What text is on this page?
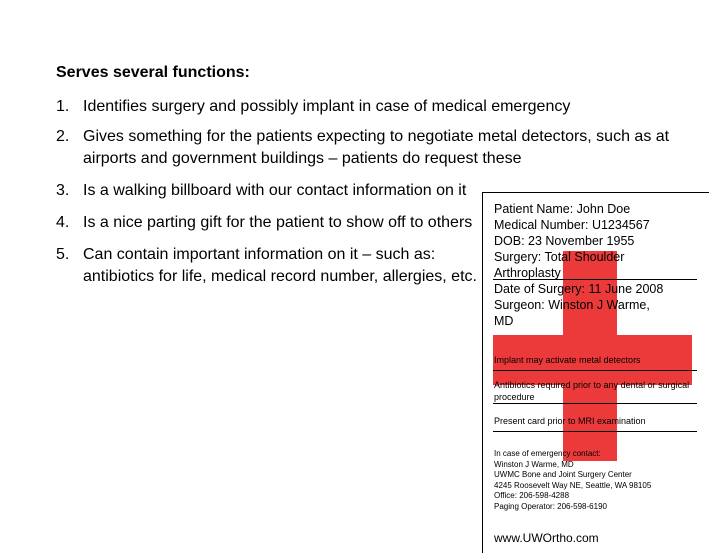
Serves several functions:
1. Identifies surgery and possibly implant in case of medical emergency
2. Gives something for the patients expecting to negotiate metal detectors, such as at airports and government buildings – patients do request these
3. Is a walking billboard with our contact information on it
4. Is a nice parting gift for the patient to show off to others
5. Can contain important information on it – such as: antibiotics for life, medical record number, allergies, etc.
Patient Name: John Doe
Medical Number: U1234567
DOB: 23 November 1955
Surgery: Total Shoulder
Arthroplasty
Date of Surgery: 11 June 2008
Surgeon: Winston J Warme,
MD
Implant may activate metal detectors
Antibiotics required prior to any dental or surgical procedure
Present card prior to MRI examination
In case of emergency contact:
Winston J Warme, MD
UWMC Bone and Joint Surgery Center
4245 Roosevelt Way NE, Seattle, WA 98105
Office: 206-598-4288
Paging Operator: 206-598-6190
www.UWOrtho.com
